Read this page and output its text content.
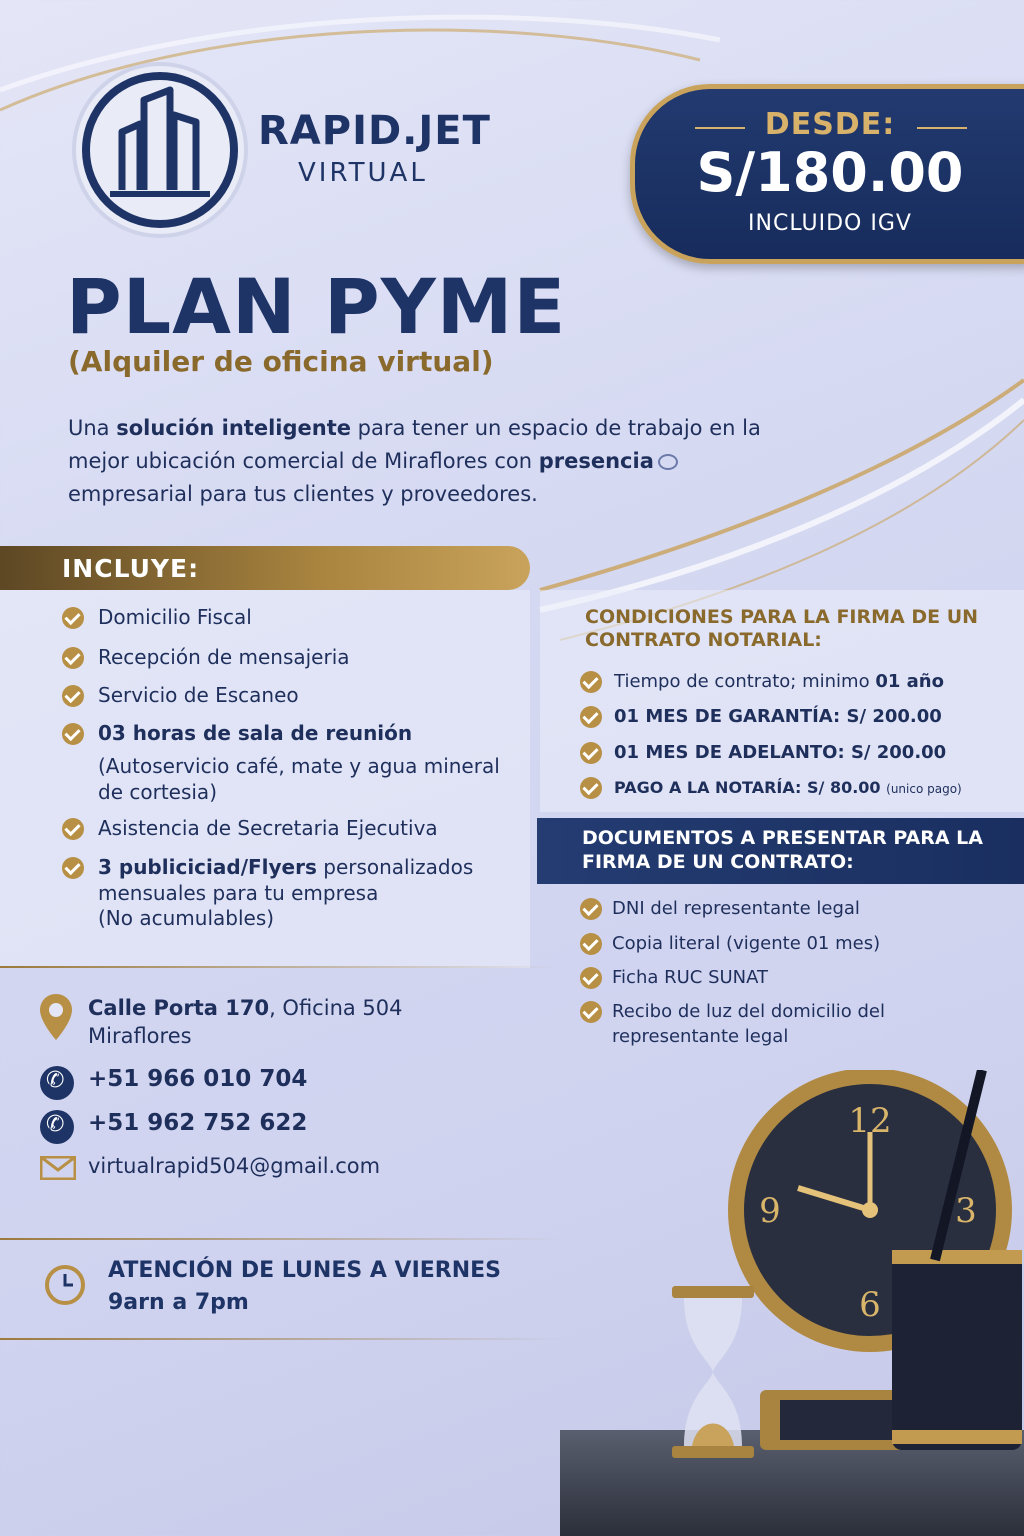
RAPID.JET
VIRTUAL
DESDE:
S/180.00
INCLUIDO IGV
PLAN PYME
(Alquiler de oficina virtual)
Una solución inteligente para tener un espacio de trabajo en la mejor ubicación comercial de Miraflores con presencia empresarial para tus clientes y proveedores.
INCLUYE:
Domicilio Fiscal
Recepción de mensajeria
Servicio de Escaneo
03 horas de sala de reunión
(Autoservicio café, mate y agua mineral
de cortesia)
Asistencia de Secretaria Ejecutiva
3 publiciciad/Flyers personalizados
mensuales para tu empresa
(No acumulables)
CONDICIONES PARA LA FIRMA DE UN CONTRATO NOTARIAL:
Tiempo de contrato; minimo 01 año
01 MES DE GARANTÍA: S/ 200.00
01 MES DE ADELANTO: S/ 200.00
PAGO A LA NOTARÍA: S/ 80.00 (unico pago)
DOCUMENTOS A PRESENTAR PARA LA FIRMA DE UN CONTRATO:
DNI del representante legal
Copia literal (vigente 01 mes)
Ficha RUC SUNAT
Recibo de luz del domicilio del
representante legal
Calle Porta 170, Oficina 504
Miraflores
✆
+51 966 010 704
✆
+51 962 752 622
virtualrapid504@gmail.com
ATENCIÓN DE LUNES A VIERNES
9arn a 7pm
12
3
6
9
